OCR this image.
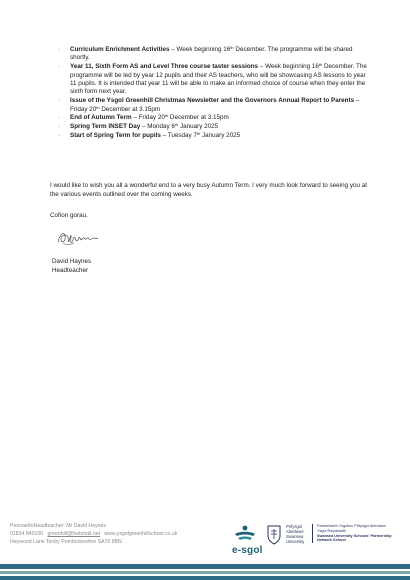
· Curriculum Enrichment Activities – Week beginning 16th December. The programme will be shared shortly.
· Year 11, Sixth Form AS and Level Three course taster sessions – Week beginning 16th December. The programme will be led by year 12 pupils and their AS teachers, who will be showcasing AS lessons to year 11 pupils. It is intended that year 11 will be able to make an informed choice of course when they enter the sixth form next year.
· Issue of the Ysgol Greenhill Christmas Newsletter and the Governors Annual Report to Parents – Friday 20th December at 3.15pm
· End of Autumn Term – Friday 20th December at 3.15pm
· Spring Term INSET Day – Monday 6th January 2025
· Start of Spring Term for pupils – Tuesday 7th January 2025
I would like to wish you all a wonderful end to a very busy Autumn Term. I very much look forward to seeing you at the various events outlined over the coming weeks.
Cofion gorau,
David Haynes
Headteacher
Pennaeth/Headteacher: Mr David Haynes
01834 840100 greenhill@hwbmail.net www.ysgolgreenhillschool.co.uk
Heywood Lane Tenby Pembrokeshire SA70 8BN
e-sgol
Prifysgol
Abertawe
Swansea
University
Partneriaeth Ysgolion Prifysgol Abertawe
Ysgol Rwydwaith
Swansea University Schools' Partnership
Network School
